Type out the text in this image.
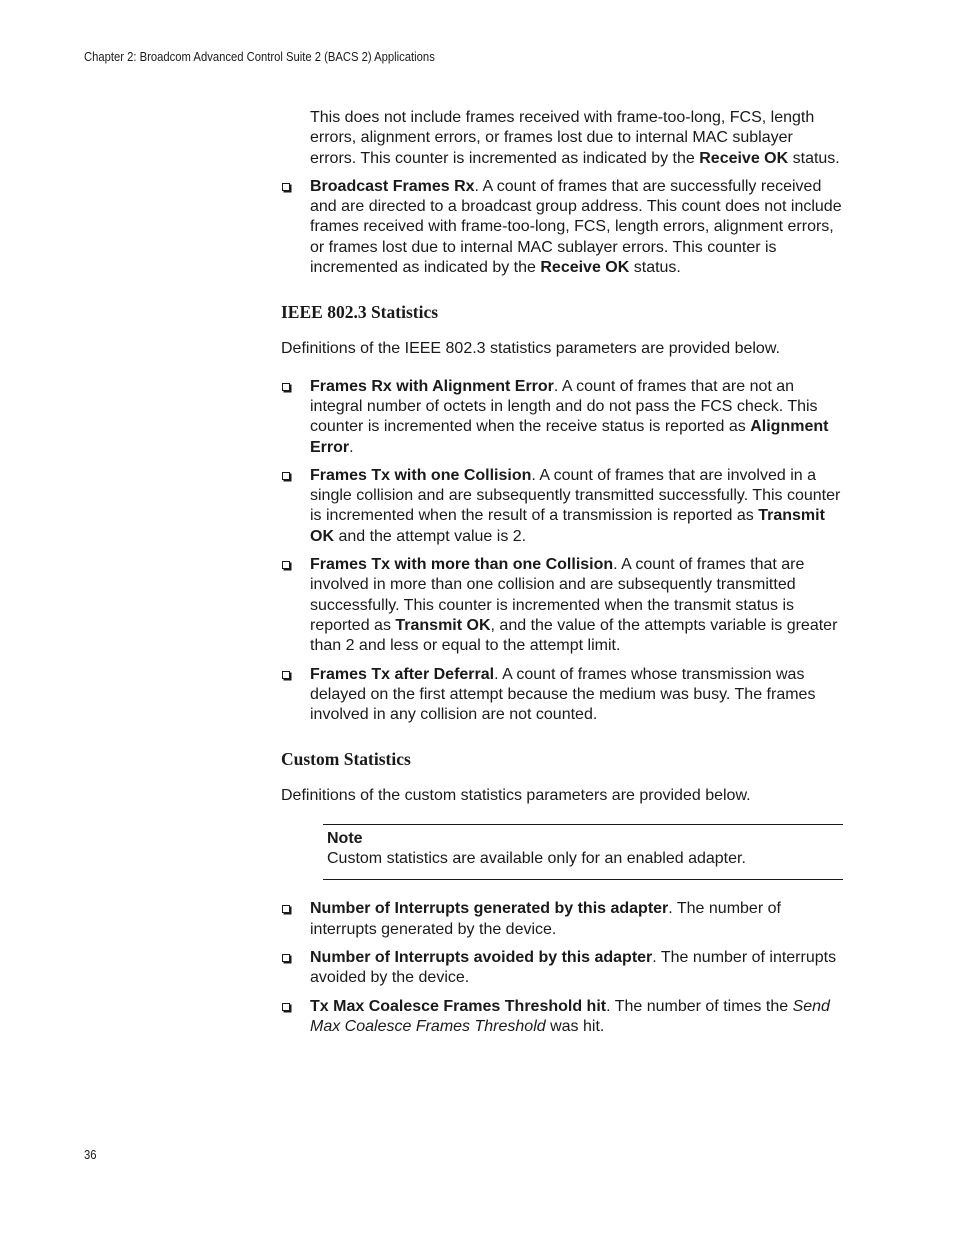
Chapter 2: Broadcom Advanced Control Suite 2 (BACS 2) Applications

This does not include frames received with frame-too-long, FCS, length errors, alignment errors, or frames lost due to internal MAC sublayer errors. This counter is incremented as indicated by the Receive OK status.

Broadcast Frames Rx. A count of frames that are successfully received and are directed to a broadcast group address. This count does not include frames received with frame-too-long, FCS, length errors, alignment errors, or frames lost due to internal MAC sublayer errors. This counter is incremented as indicated by the Receive OK status.
IEEE 802.3 Statistics
Definitions of the IEEE 802.3 statistics parameters are provided below.
Frames Rx with Alignment Error. A count of frames that are not an integral number of octets in length and do not pass the FCS check. This counter is incremented when the receive status is reported as Alignment Error.
Frames Tx with one Collision. A count of frames that are involved in a single collision and are subsequently transmitted successfully. This counter is incremented when the result of a transmission is reported as Transmit OK and the attempt value is 2.
Frames Tx with more than one Collision. A count of frames that are involved in more than one collision and are subsequently transmitted successfully. This counter is incremented when the transmit status is reported as Transmit OK, and the value of the attempts variable is greater than 2 and less or equal to the attempt limit.
Frames Tx after Deferral. A count of frames whose transmission was delayed on the first attempt because the medium was busy. The frames involved in any collision are not counted.
Custom Statistics
Definitions of the custom statistics parameters are provided below.
Note
Custom statistics are available only for an enabled adapter.
Number of Interrupts generated by this adapter. The number of interrupts generated by the device.
Number of Interrupts avoided by this adapter. The number of interrupts avoided by the device.
Tx Max Coalesce Frames Threshold hit. The number of times the Send Max Coalesce Frames Threshold was hit.
36
